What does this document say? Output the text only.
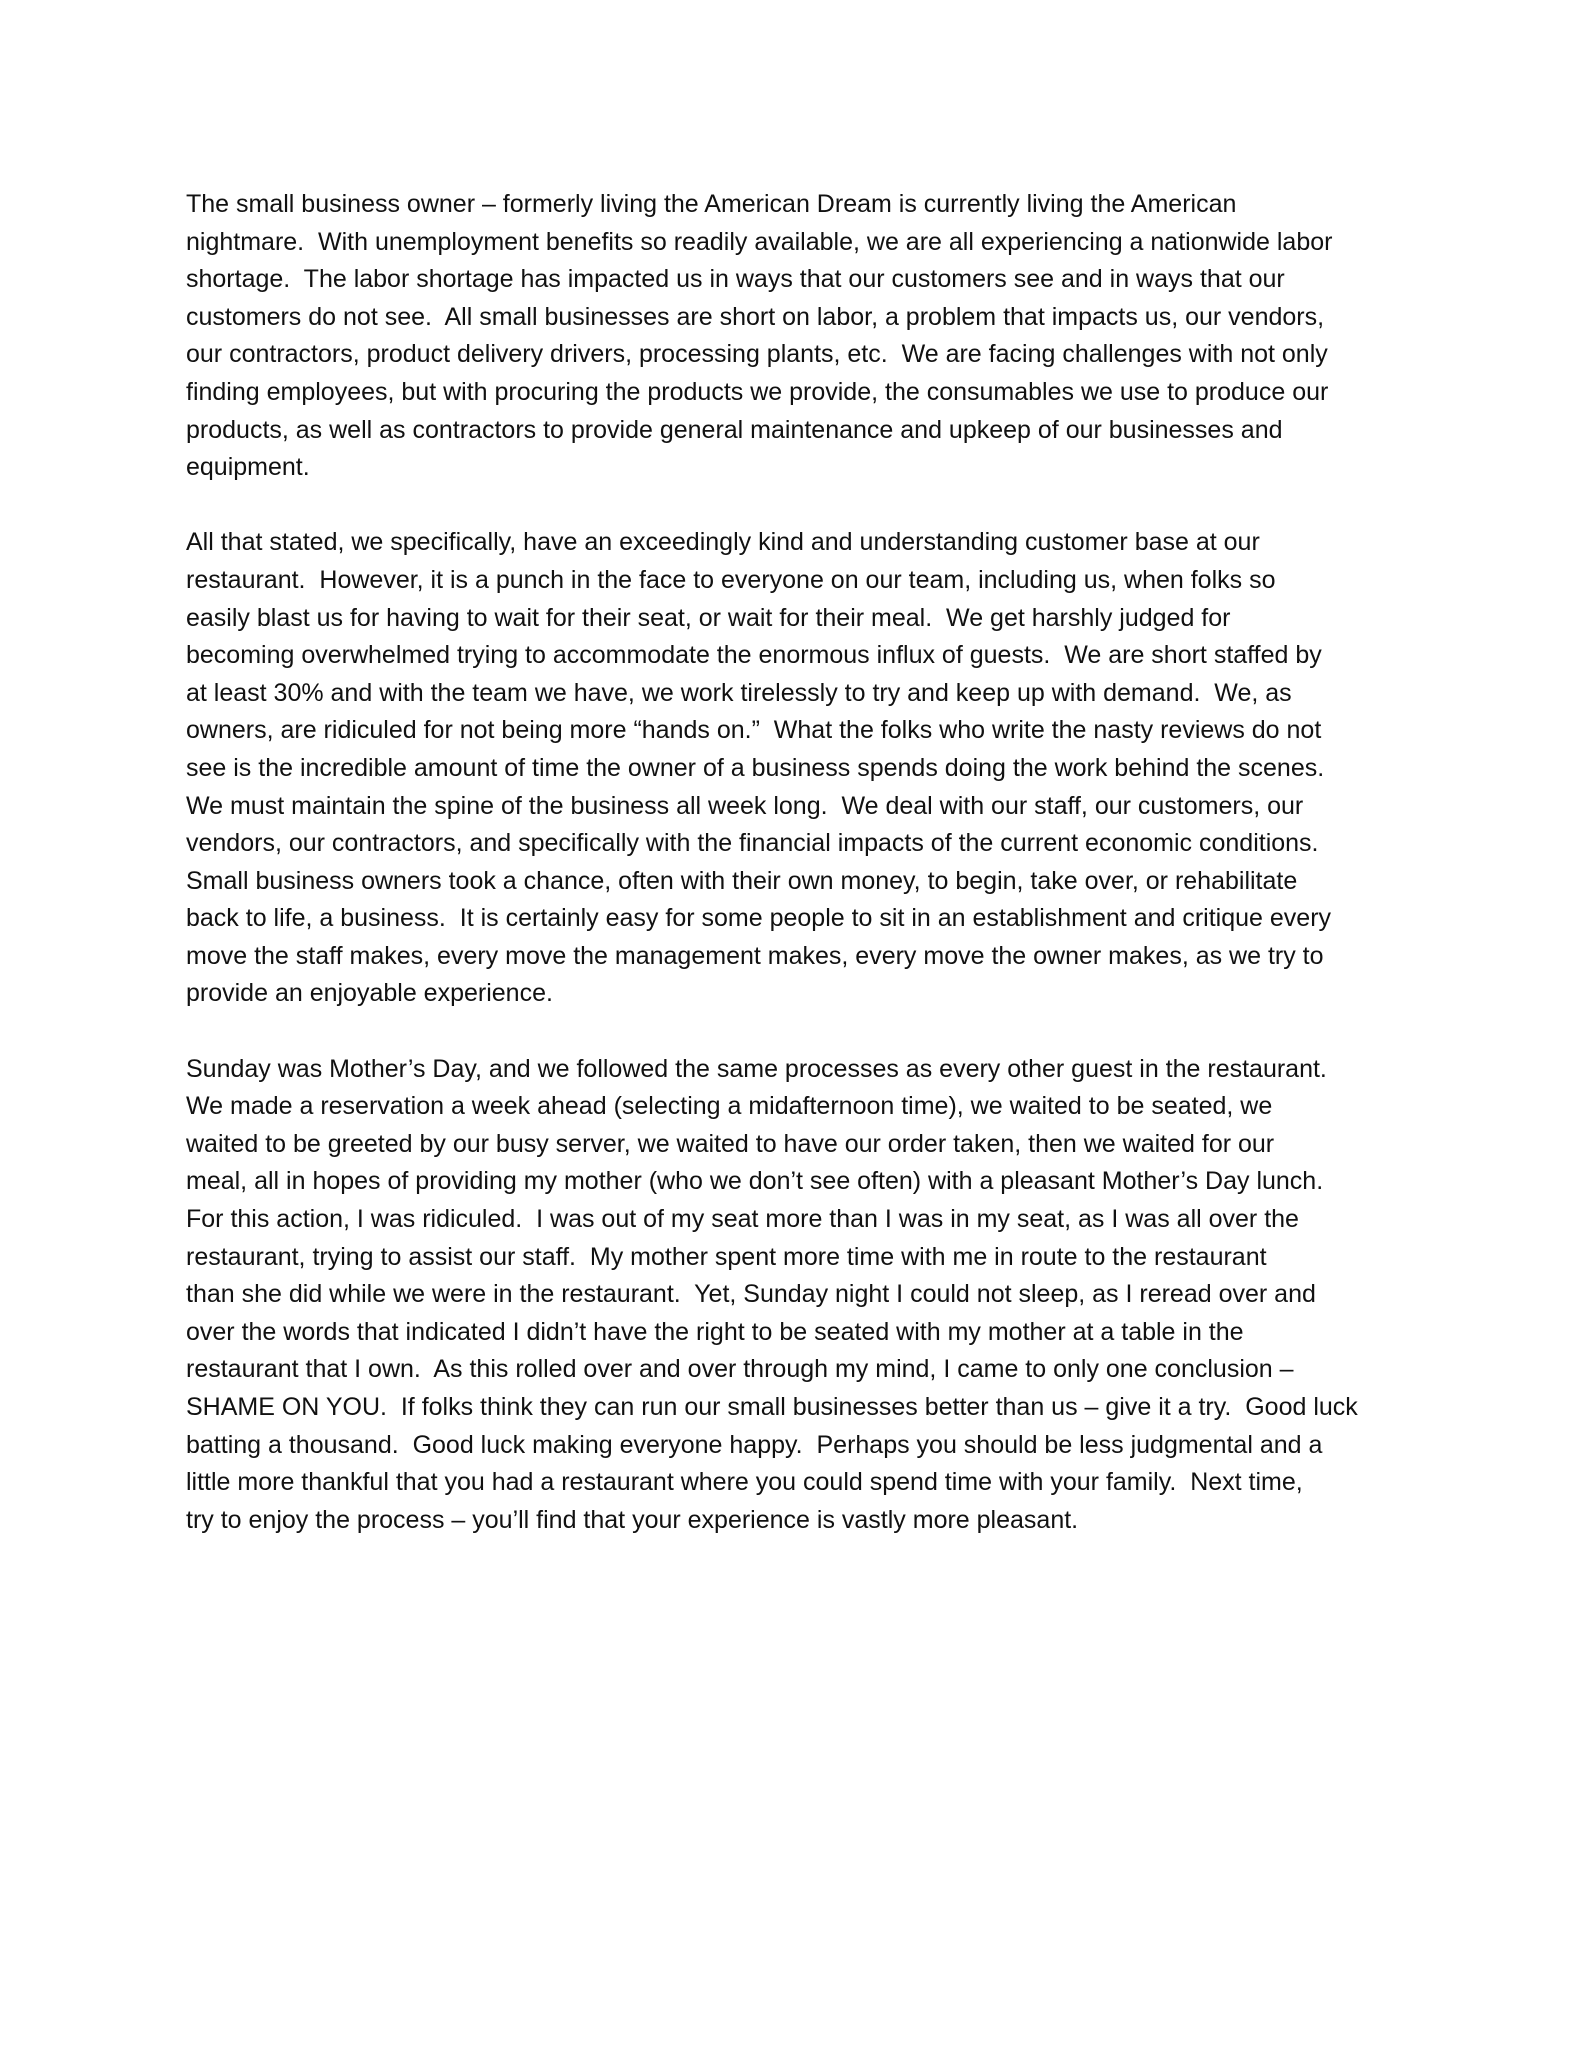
The small business owner – formerly living the American Dream is currently living the American
nightmare.  With unemployment benefits so readily available, we are all experiencing a nationwide labor
shortage.  The labor shortage has impacted us in ways that our customers see and in ways that our
customers do not see.  All small businesses are short on labor, a problem that impacts us, our vendors,
our contractors, product delivery drivers, processing plants, etc.  We are facing challenges with not only
finding employees, but with procuring the products we provide, the consumables we use to produce our
products, as well as contractors to provide general maintenance and upkeep of our businesses and
equipment.

All that stated, we specifically, have an exceedingly kind and understanding customer base at our
restaurant.  However, it is a punch in the face to everyone on our team, including us, when folks so
easily blast us for having to wait for their seat, or wait for their meal.  We get harshly judged for
becoming overwhelmed trying to accommodate the enormous influx of guests.  We are short staffed by
at least 30% and with the team we have, we work tirelessly to try and keep up with demand.  We, as
owners, are ridiculed for not being more “hands on.”  What the folks who write the nasty reviews do not
see is the incredible amount of time the owner of a business spends doing the work behind the scenes.
We must maintain the spine of the business all week long.  We deal with our staff, our customers, our
vendors, our contractors, and specifically with the financial impacts of the current economic conditions.
Small business owners took a chance, often with their own money, to begin, take over, or rehabilitate
back to life, a business.  It is certainly easy for some people to sit in an establishment and critique every
move the staff makes, every move the management makes, every move the owner makes, as we try to
provide an enjoyable experience.

Sunday was Mother’s Day, and we followed the same processes as every other guest in the restaurant.
We made a reservation a week ahead (selecting a midafternoon time), we waited to be seated, we
waited to be greeted by our busy server, we waited to have our order taken, then we waited for our
meal, all in hopes of providing my mother (who we don’t see often) with a pleasant Mother’s Day lunch.
For this action, I was ridiculed.  I was out of my seat more than I was in my seat, as I was all over the
restaurant, trying to assist our staff.  My mother spent more time with me in route to the restaurant
than she did while we were in the restaurant.  Yet, Sunday night I could not sleep, as I reread over and
over the words that indicated I didn’t have the right to be seated with my mother at a table in the
restaurant that I own.  As this rolled over and over through my mind, I came to only one conclusion –
SHAME ON YOU.  If folks think they can run our small businesses better than us – give it a try.  Good luck
batting a thousand.  Good luck making everyone happy.  Perhaps you should be less judgmental and a
little more thankful that you had a restaurant where you could spend time with your family.  Next time,
try to enjoy the process – you’ll find that your experience is vastly more pleasant.
